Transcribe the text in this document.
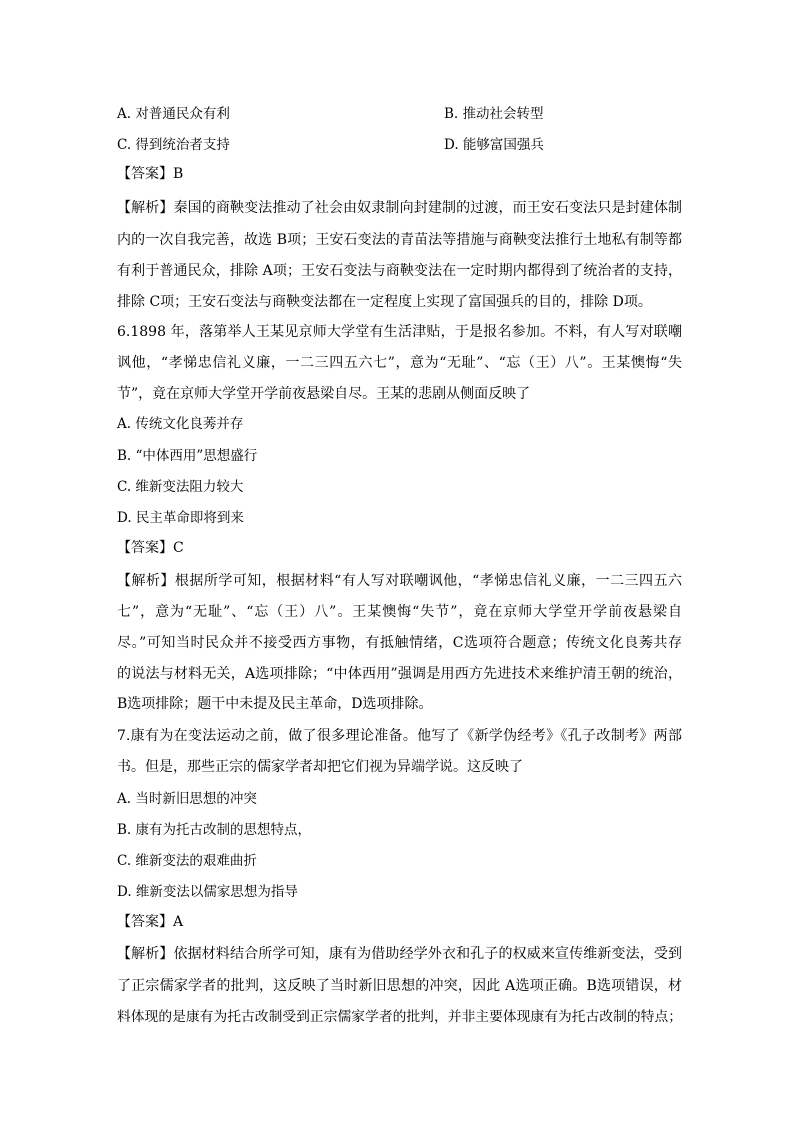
A. 对普通民众有利	B. 推动社会转型
C. 得到统治者支持	D. 能够富国强兵
【答案】B
【解析】秦国的商鞅变法推动了社会由奴隶制向封建制的过渡，而王安石变法只是封建体制
内的一次自我完善，故选 B项；王安石变法的青苗法等措施与商鞅变法推行土地私有制等都
有利于普通民众，排除 A项；王安石变法与商鞅变法在一定时期内都得到了统治者的支持，
排除 C项；王安石变法与商鞅变法都在一定程度上实现了富国强兵的目的，排除 D项。
6.1898 年，落第举人王某见京师大学堂有生活津贴，于是报名参加。不料，有人写对联嘲
讽他，“孝悌忠信礼义廉，一二三四五六七”，意为“无耻”、“忘（王）八”。王某懊悔“失
节”，竟在京师大学堂开学前夜悬梁自尽。王某的悲剧从侧面反映了
A. 传统文化良莠并存
B. “中体西用”思想盛行
C. 维新变法阻力较大
D. 民主革命即将到来
【答案】C
【解析】根据所学可知，根据材料“有人写对联嘲讽他，“孝悌忠信礼义廉，一二三四五六
七”，意为“无耻”、“忘（王）八”。王某懊悔“失节”，竟在京师大学堂开学前夜悬梁自
尽。”可知当时民众并不接受西方事物，有抵触情绪，C选项符合题意；传统文化良莠共存
的说法与材料无关，A选项排除；“中体西用”强调是用西方先进技术来维护清王朝的统治，
B选项排除；题干中未提及民主革命，D选项排除。
7.康有为在变法运动之前，做了很多理论准备。他写了《新学伪经考》《孔子改制考》两部
书。但是，那些正宗的儒家学者却把它们视为异端学说。这反映了
A. 当时新旧思想的冲突
B. 康有为托古改制的思想特点，
C. 维新变法的艰难曲折
D. 维新变法以儒家思想为指导
【答案】A
【解析】依据材料结合所学可知，康有为借助经学外衣和孔子的权威来宣传维新变法，受到
了正宗儒家学者的批判，这反映了当时新旧思想的冲突，因此 A选项正确。B选项错误，材
料体现的是康有为托古改制受到正宗儒家学者的批判，并非主要体现康有为托古改制的特点；
